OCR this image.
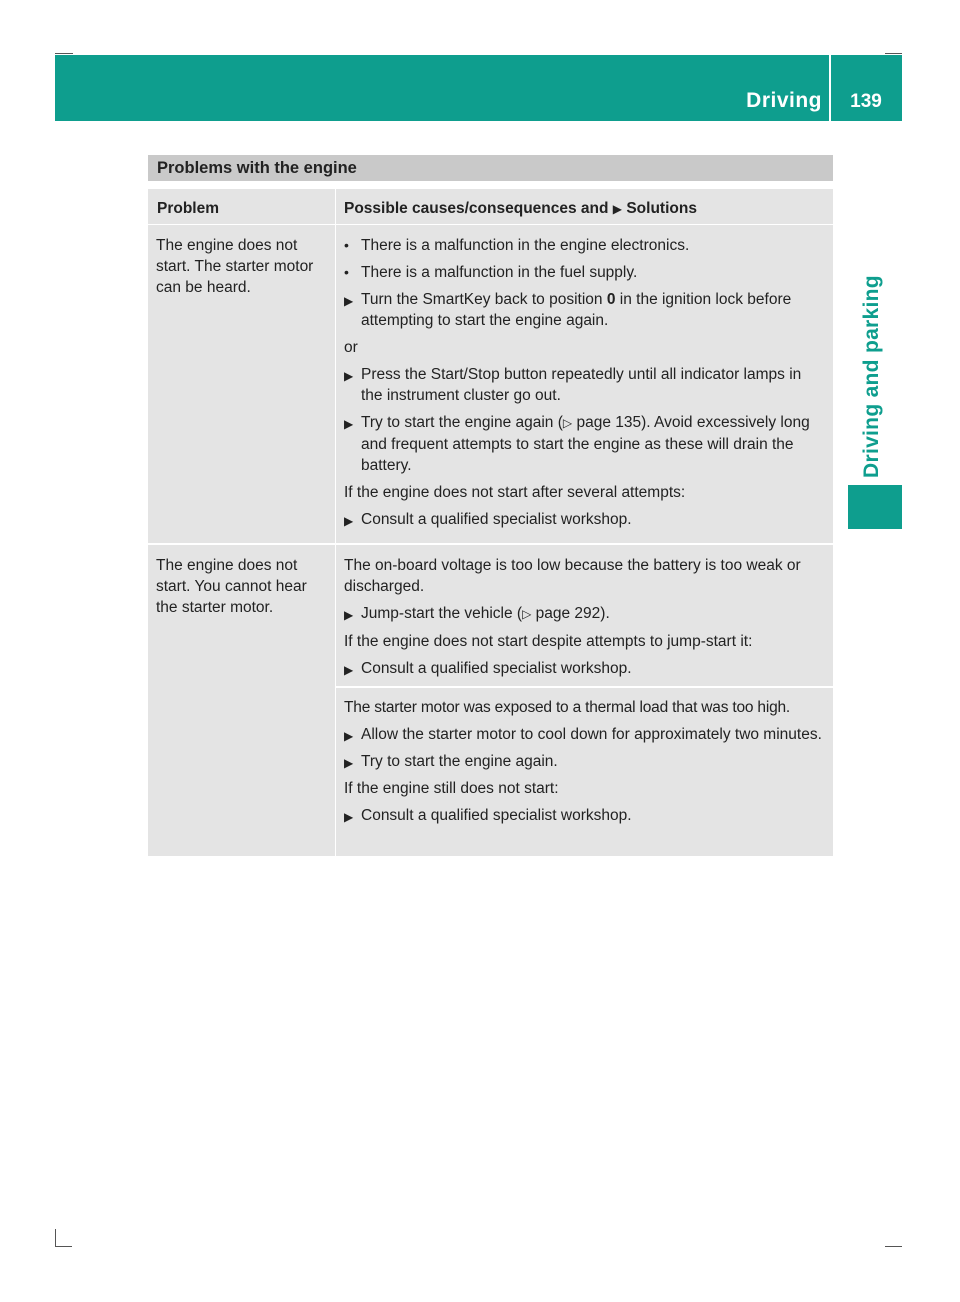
Driving	139
Driving and parking
Problems with the engine
Problem	Possible causes/consequences and ▶ Solutions
The engine does not start. The starter motor can be heard.
• There is a malfunction in the engine electronics.
• There is a malfunction in the fuel supply.
▶ Turn the SmartKey back to position 0 in the ignition lock before attempting to start the engine again.
or
▶ Press the Start/Stop button repeatedly until all indicator lamps in the instrument cluster go out.
▶ Try to start the engine again (▷ page 135). Avoid excessively long and frequent attempts to start the engine as these will drain the battery.
If the engine does not start after several attempts:
▶ Consult a qualified specialist workshop.
The engine does not start. You cannot hear the starter motor.
The on-board voltage is too low because the battery is too weak or discharged.
▶ Jump-start the vehicle (▷ page 292).
If the engine does not start despite attempts to jump-start it:
▶ Consult a qualified specialist workshop.
The starter motor was exposed to a thermal load that was too high.
▶ Allow the starter motor to cool down for approximately two minutes.
▶ Try to start the engine again.
If the engine still does not start:
▶ Consult a qualified specialist workshop.
